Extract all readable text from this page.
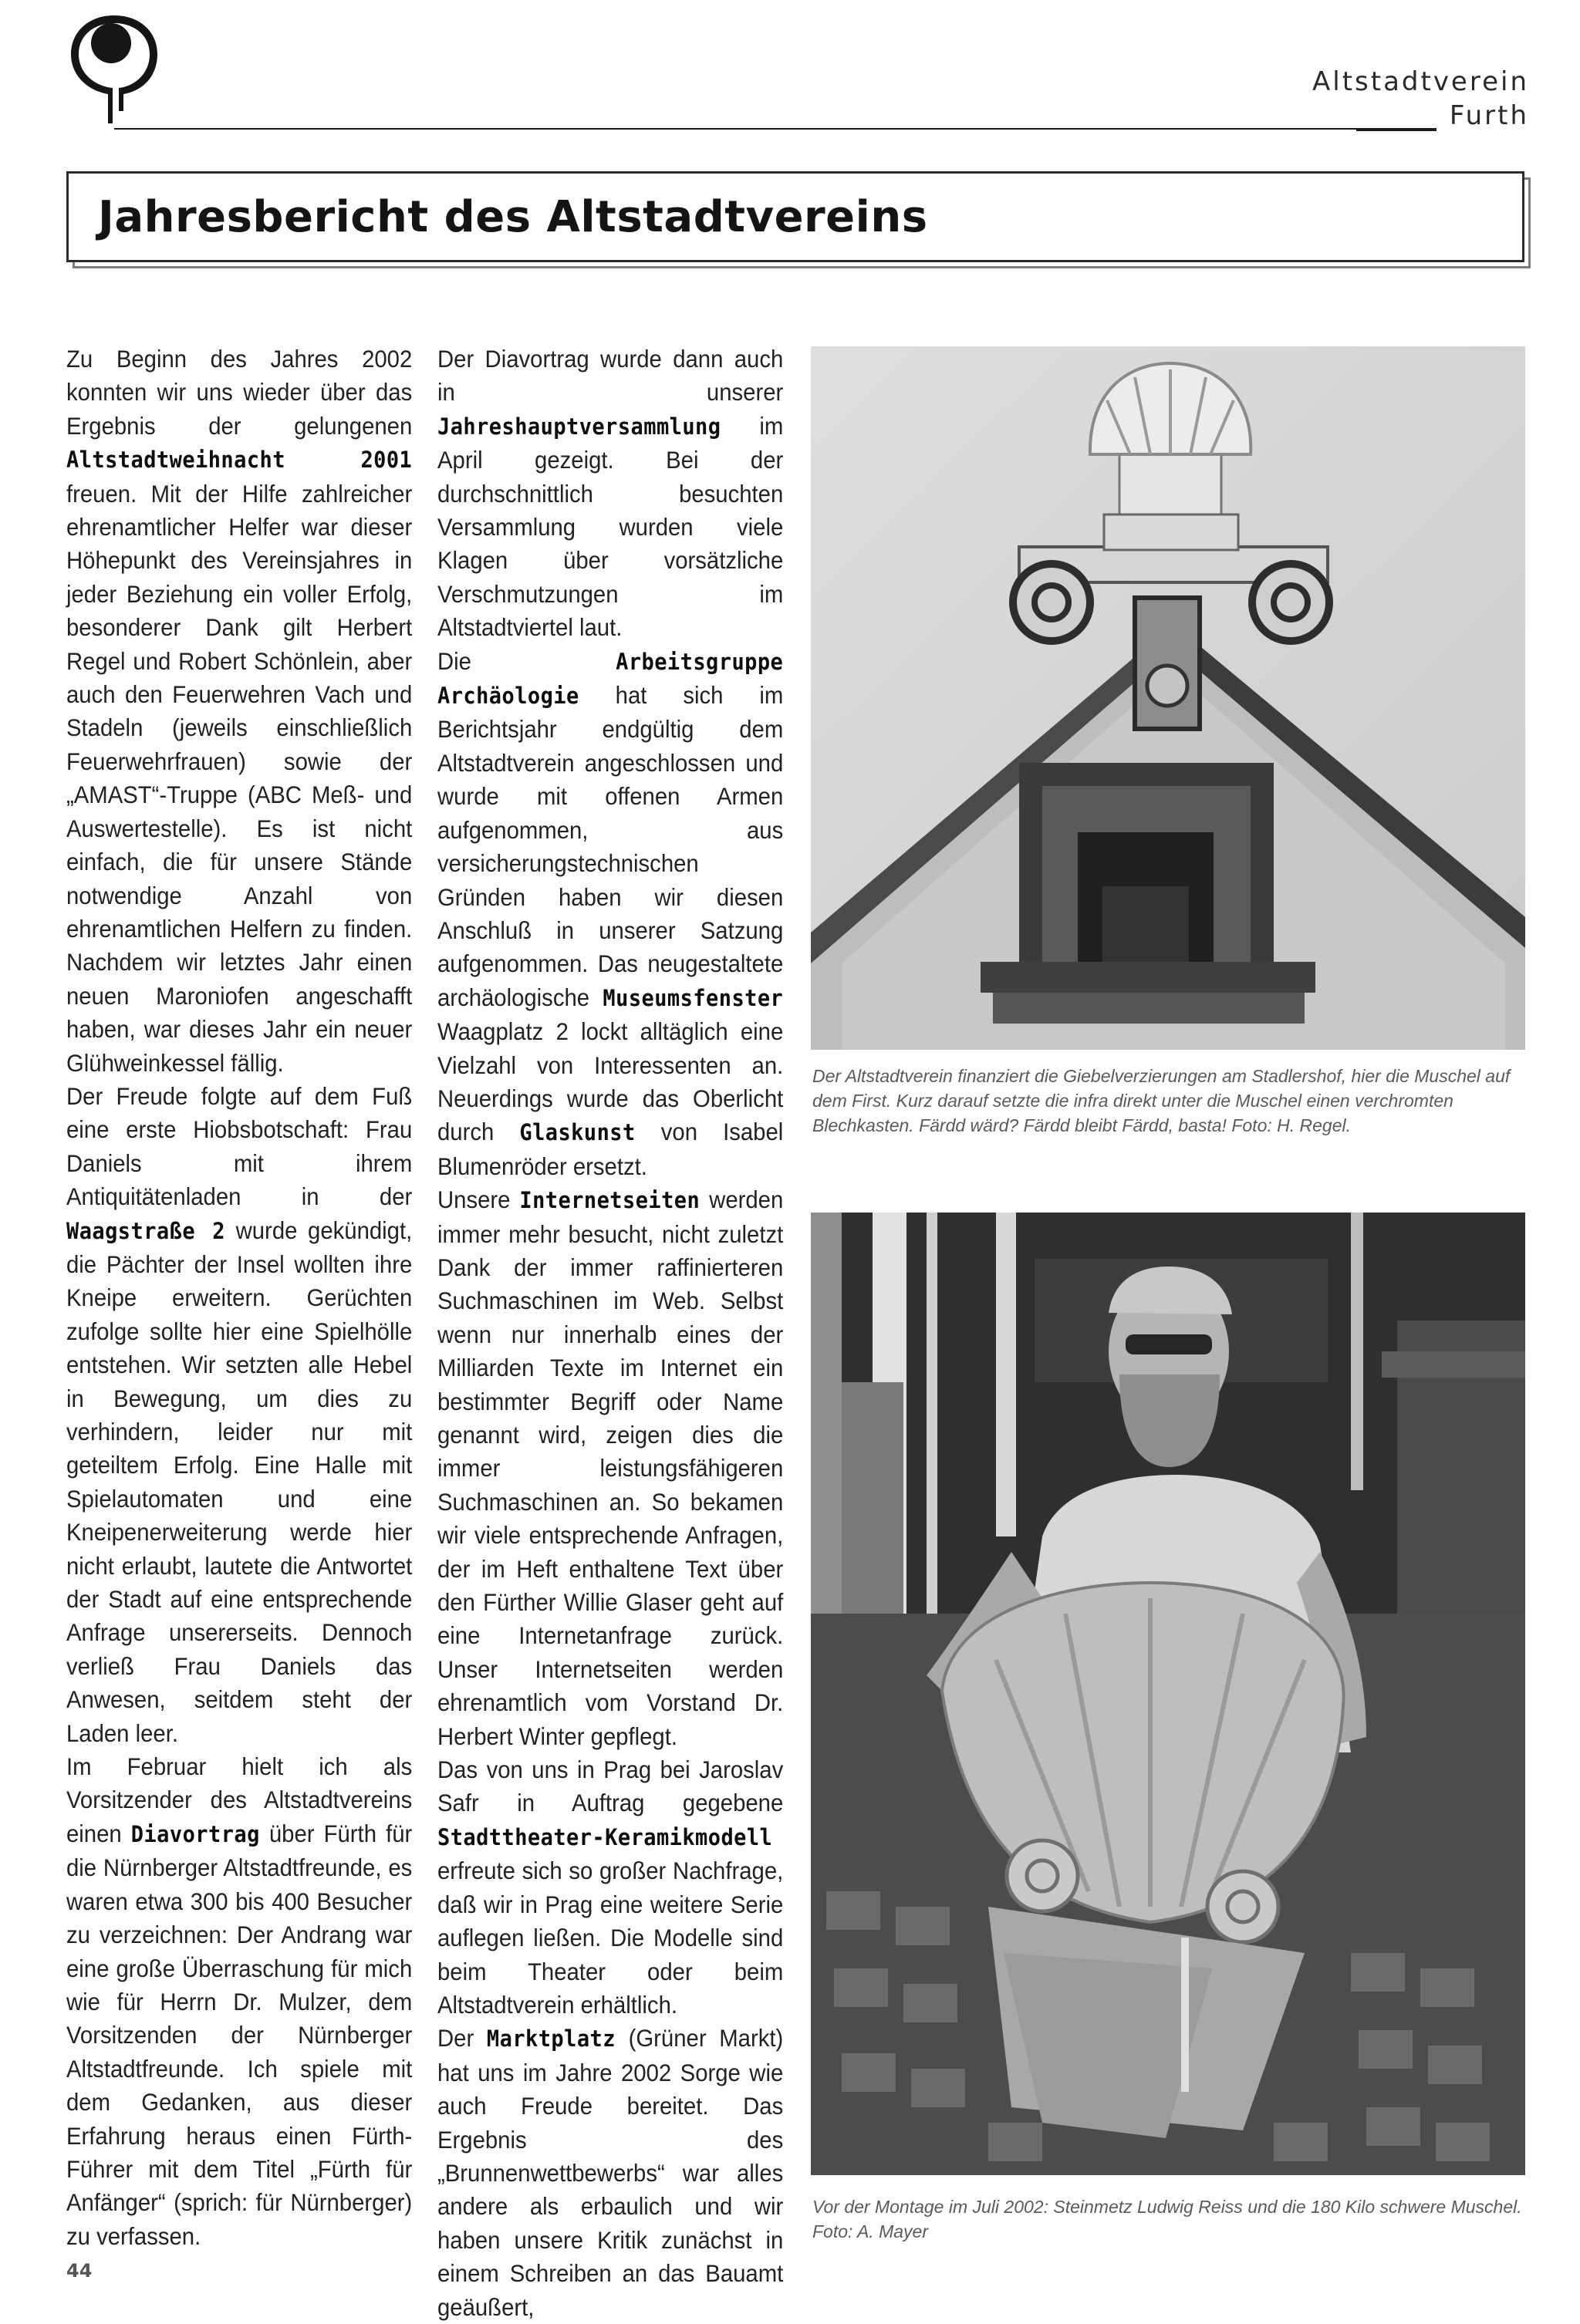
Altstadtverein
Furth
Jahresbericht des Altstadtvereins

Zu Beginn des Jahres 2002 konnten wir uns wieder über das Ergebnis der gelungenen Altstadtweihnacht 2001 freuen. Mit der Hilfe zahlreicher ehrenamtlicher Helfer war dieser Höhepunkt des Vereinsjahres in jeder Beziehung ein voller Erfolg, besonderer Dank gilt Herbert Regel und Robert Schönlein, aber auch den Feuerwehren Vach und Stadeln (jeweils einschließlich Feuerwehrfrauen) sowie der „AMAST“-Truppe (ABC Meß- und Auswertestelle). Es ist nicht einfach, die für unsere Stände notwendige Anzahl von ehrenamtlichen Helfern zu finden. Nachdem wir letztes Jahr einen neuen Maroniofen angeschafft haben, war dieses Jahr ein neuer Glühweinkessel fällig.

Der Freude folgte auf dem Fuß eine erste Hiobsbotschaft: Frau Daniels mit ihrem Antiquitätenladen in der Waagstraße 2 wurde gekündigt, die Pächter der Insel wollten ihre Kneipe erweitern. Gerüchten zufolge sollte hier eine Spielhölle entstehen. Wir setzten alle Hebel in Bewegung, um dies zu verhindern, leider nur mit geteiltem Erfolg. Eine Halle mit Spielautomaten und eine Kneipenerweiterung werde hier nicht erlaubt, lautete die Antwortet der Stadt auf eine entsprechende Anfrage unsererseits. Dennoch verließ Frau Daniels das Anwesen, seitdem steht der Laden leer.

Im Februar hielt ich als Vorsitzender des Altstadtvereins einen Diavortrag über Fürth für die Nürnberger Altstadtfreunde, es waren etwa 300 bis 400 Besucher zu verzeichnen: Der Andrang war eine große Überraschung für mich wie für Herrn Dr. Mulzer, dem Vorsitzenden der Nürnberger Altstadtfreunde. Ich spiele mit dem Gedanken, aus dieser Erfahrung heraus einen Fürth-Führer mit dem Titel „Fürth für Anfänger“ (sprich: für Nürnberger) zu verfassen.

Der Diavortrag wurde dann auch in unserer Jahreshauptversammlung im April gezeigt. Bei der durchschnittlich besuchten Versammlung wurden viele Klagen über vorsätzliche Verschmutzungen im Altstadtviertel laut.

Die Arbeitsgruppe Archäologie hat sich im Berichtsjahr endgültig dem Altstadtverein angeschlossen und wurde mit offenen Armen aufgenommen, aus versicherungstechnischen Gründen haben wir diesen Anschluß in unserer Satzung aufgenommen. Das neugestaltete archäologische Museumsfenster Waagplatz 2 lockt alltäglich eine Vielzahl von Interessenten an. Neuerdings wurde das Oberlicht durch Glaskunst von Isabel Blumenröder ersetzt.

Unsere Internetseiten werden immer mehr besucht, nicht zuletzt Dank der immer raffinierteren Suchmaschinen im Web. Selbst wenn nur innerhalb eines der Milliarden Texte im Internet ein bestimmter Begriff oder Name genannt wird, zeigen dies die immer leistungsfähigeren Suchmaschinen an. So bekamen wir viele entsprechende Anfragen, der im Heft enthaltene Text über den Fürther Willie Glaser geht auf eine Internetanfrage zurück. Unser Internetseiten werden ehrenamtlich vom Vorstand Dr. Herbert Winter gepflegt.

Das von uns in Prag bei Jaroslav Safr in Auftrag gegebene Stadttheater-Keramikmodell erfreute sich so großer Nachfrage, daß wir in Prag eine weitere Serie auflegen ließen. Die Modelle sind beim Theater oder beim Altstadtverein erhältlich.

Der Marktplatz (Grüner Markt) hat uns im Jahre 2002 Sorge wie auch Freude bereitet. Das Ergebnis des „Brunnenwettbewerbs“ war alles andere als erbaulich und wir haben unsere Kritik zunächst in einem Schreiben an das Bauamt geäußert,

Der Altstadtverein finanziert die Giebelverzierungen am Stadlershof, hier die Muschel auf dem First. Kurz darauf setzte die infra direkt unter die Muschel einen verchromten Blechkasten. Färdd wärd? Färdd bleibt Färdd, basta! Foto: H. Regel.

Vor der Montage im Juli 2002: Steinmetz Ludwig Reiss und die 180 Kilo schwere Muschel. Foto: A. Mayer

44
